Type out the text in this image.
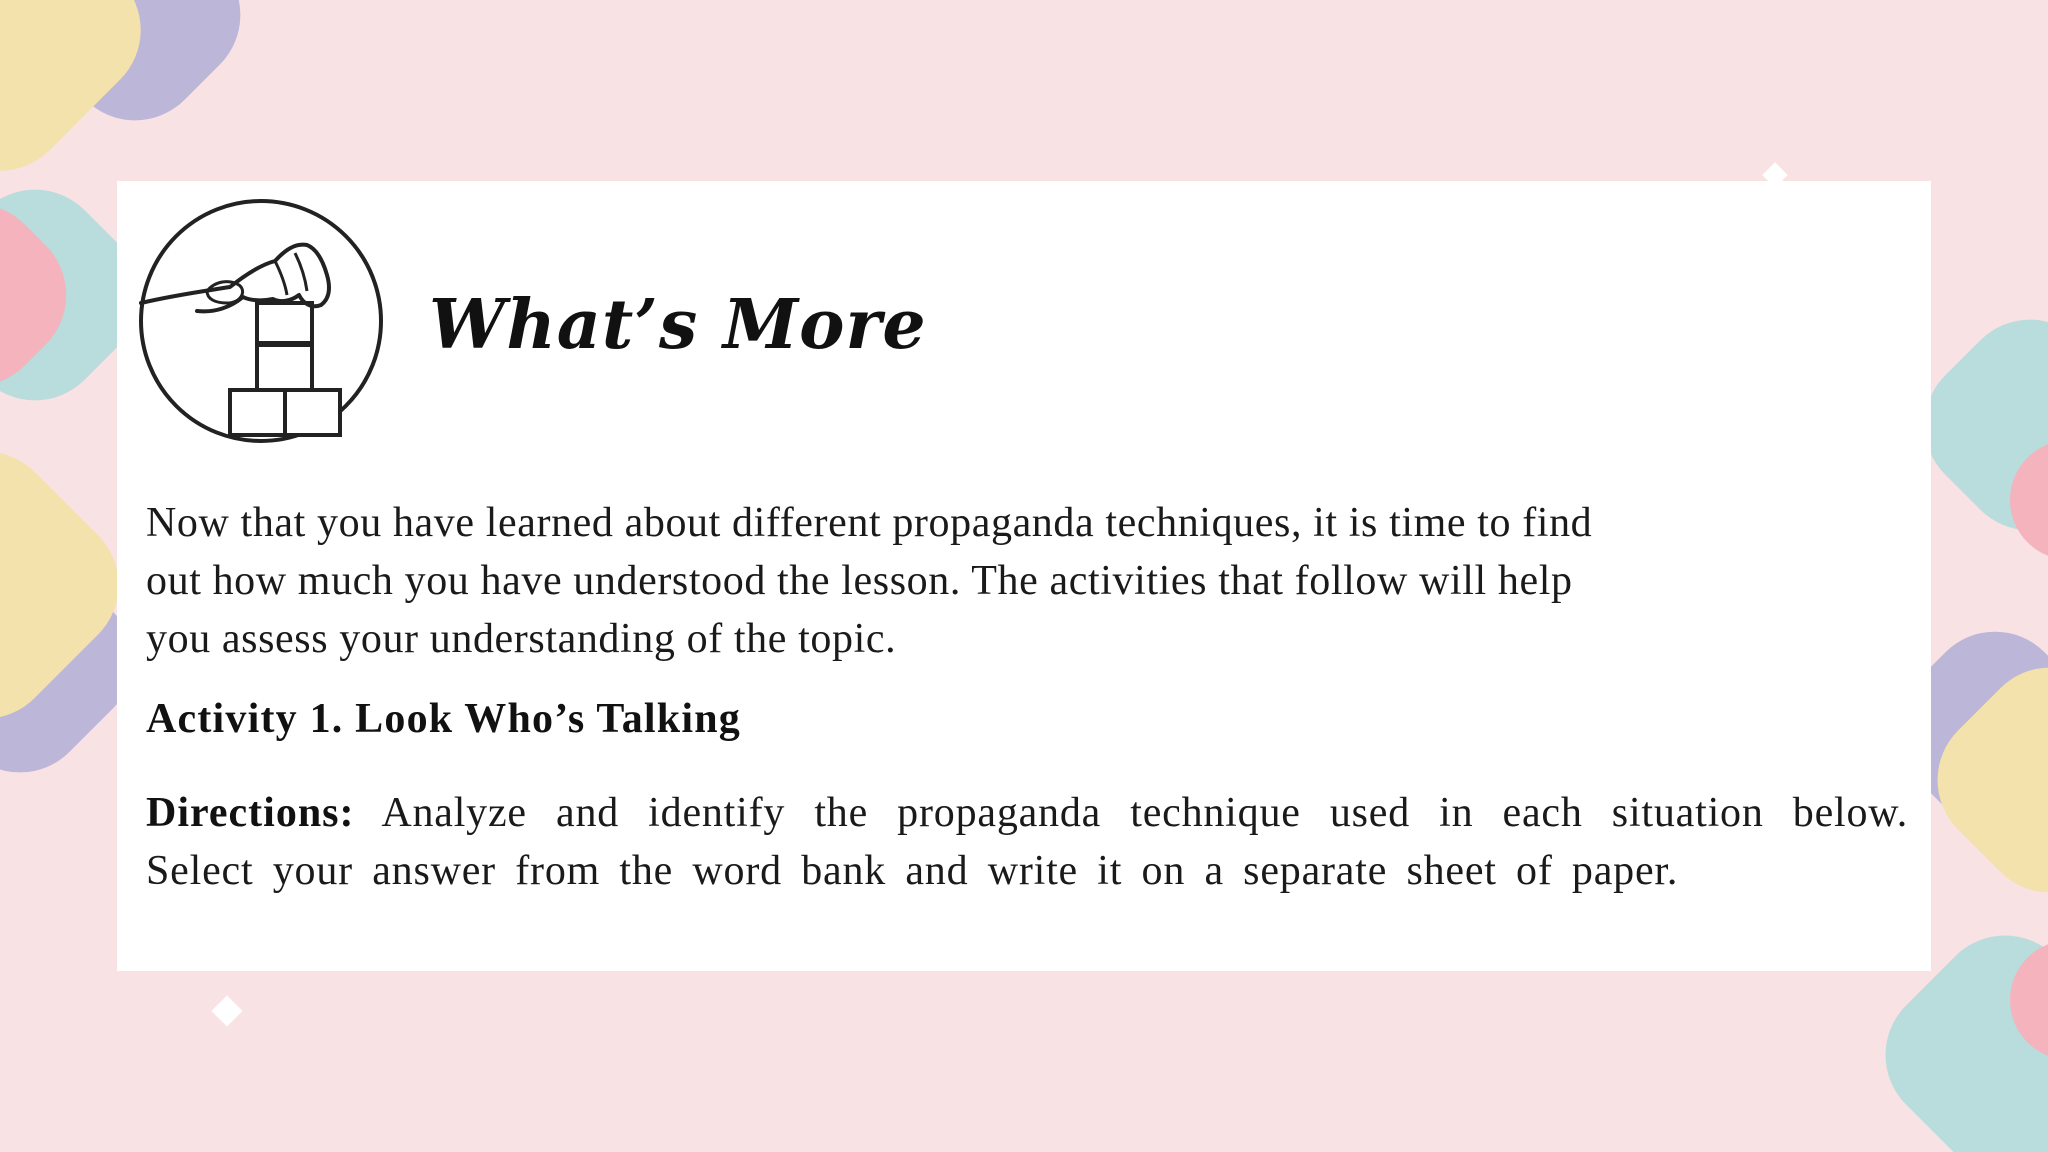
What’s More
Now that you have learned about different propaganda techniques, it is time to find
out how much you have understood the lesson. The activities that follow will help
you assess your understanding of the topic.
Activity 1. Look Who’s Talking

Directions: Analyze and identify the propaganda technique used in each situation below. Select your answer from the word bank and write it on a separate sheet of paper.
